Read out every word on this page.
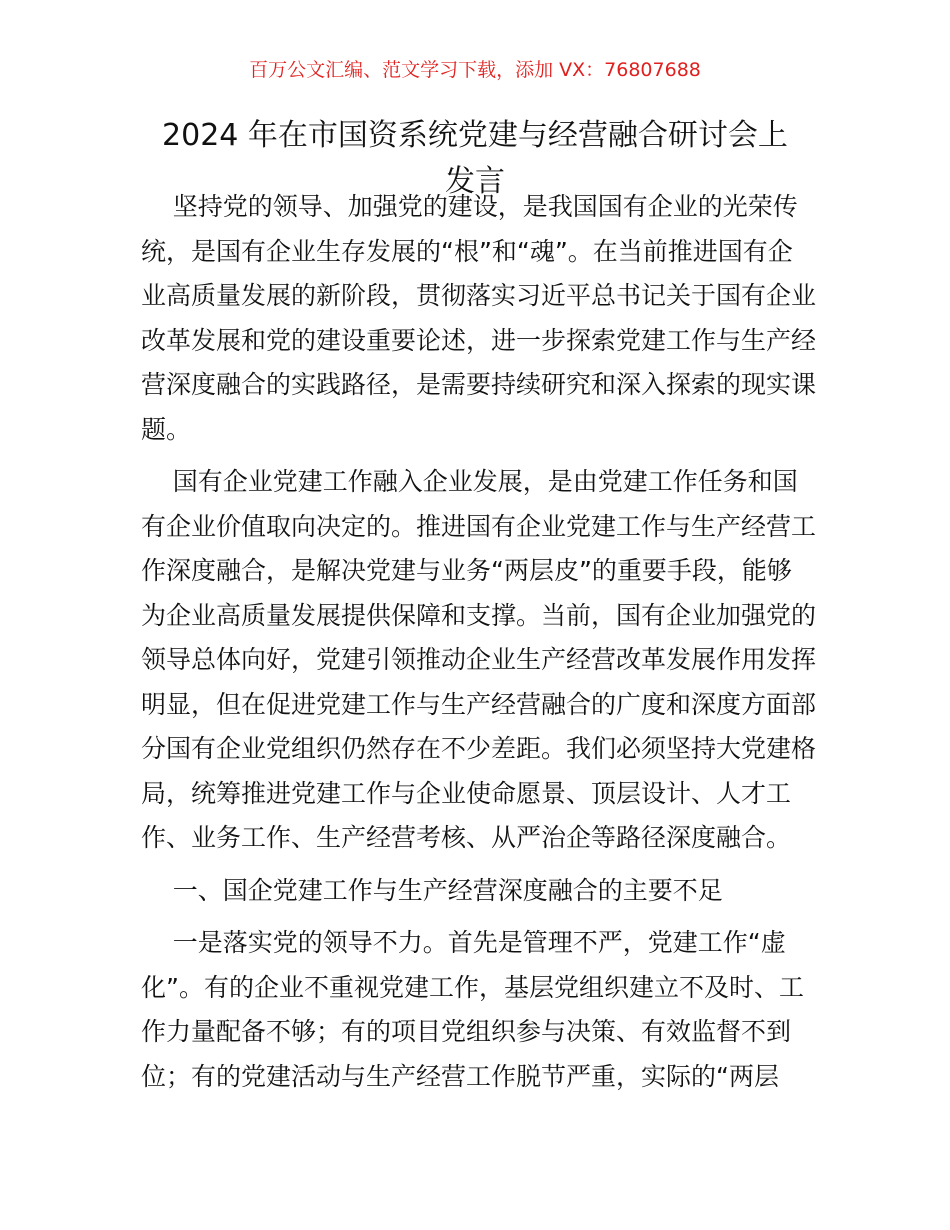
百万公文汇编、范文学习下载，添加 VX：76807688
2024 年在市国资系统党建与经营融合研讨会上
发言
坚持党的领导、加强党的建设，是我国国有企业的光荣传
统，是国有企业生存发展的“根”和“魂”。在当前推进国有企
业高质量发展的新阶段，贯彻落实习近平总书记关于国有企业
改革发展和党的建设重要论述，进一步探索党建工作与生产经
营深度融合的实践路径，是需要持续研究和深入探索的现实课
题。
国有企业党建工作融入企业发展，是由党建工作任务和国
有企业价值取向决定的。推进国有企业党建工作与生产经营工
作深度融合，是解决党建与业务“两层皮”的重要手段，能够
为企业高质量发展提供保障和支撑。当前，国有企业加强党的
领导总体向好，党建引领推动企业生产经营改革发展作用发挥
明显，但在促进党建工作与生产经营融合的广度和深度方面部
分国有企业党组织仍然存在不少差距。我们必须坚持大党建格
局，统筹推进党建工作与企业使命愿景、顶层设计、人才工
作、业务工作、生产经营考核、从严治企等路径深度融合。
一、国企党建工作与生产经营深度融合的主要不足
一是落实党的领导不力。首先是管理不严，党建工作“虚
化”。有的企业不重视党建工作，基层党组织建立不及时、工
作力量配备不够；有的项目党组织参与决策、有效监督不到
位；有的党建活动与生产经营工作脱节严重，实际的“两层
